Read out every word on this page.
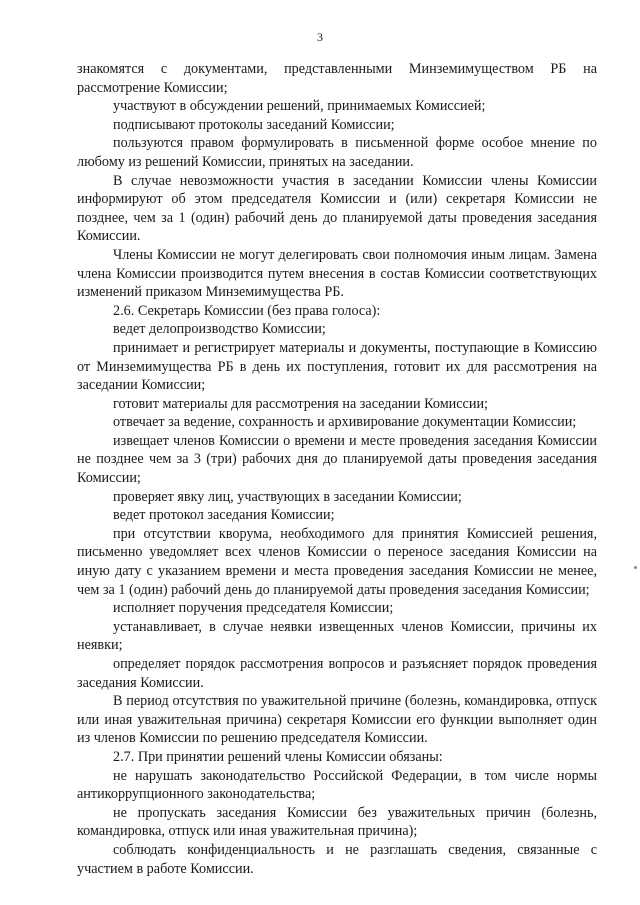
3

знакомятся с документами, представленными Минземимуществом РБ на рассмотрение Комиссии;

участвуют в обсуждении решений, принимаемых Комиссией;

подписывают протоколы заседаний Комиссии;

пользуются правом формулировать в письменной форме особое мнение по любому из решений Комиссии, принятых на заседании.

В случае невозможности участия в заседании Комиссии члены Комиссии информируют об этом председателя Комиссии и (или) секретаря Комиссии не позднее, чем за 1 (один) рабочий день до планируемой даты проведения заседания Комиссии.

Члены Комиссии не могут делегировать свои полномочия иным лицам. Замена члена Комиссии производится путем внесения в состав Комиссии соответствующих изменений приказом Минземимущества РБ.

2.6. Секретарь Комиссии (без права голоса):

ведет делопроизводство Комиссии;

принимает и регистрирует материалы и документы, поступающие в Комиссию от Минземимущества РБ в день их поступления, готовит их для рассмотрения на заседании Комиссии;

готовит материалы для рассмотрения на заседании Комиссии;

отвечает за ведение, сохранность и архивирование документации Комиссии;

извещает членов Комиссии о времени и месте проведения заседания Комиссии не позднее чем за 3 (три) рабочих дня до планируемой даты проведения заседания Комиссии;

проверяет явку лиц, участвующих в заседании Комиссии;

ведет протокол заседания Комиссии;

при отсутствии кворума, необходимого для принятия Комиссией решения, письменно уведомляет всех членов Комиссии о переносе заседания Комиссии на иную дату с указанием времени и места проведения заседания Комиссии не менее, чем за 1 (один) рабочий день до планируемой даты проведения заседания Комиссии;

исполняет поручения председателя Комиссии;

устанавливает, в случае неявки извещенных членов Комиссии, причины их неявки;

определяет порядок рассмотрения вопросов и разъясняет порядок проведения заседания Комиссии.

В период отсутствия по уважительной причине (болезнь, командировка, отпуск или иная уважительная причина) секретаря Комиссии его функции выполняет один из членов Комиссии по решению председателя Комиссии.

2.7. При принятии решений члены Комиссии обязаны:

не нарушать законодательство Российской Федерации, в том числе нормы антикоррупционного законодательства;

не пропускать заседания Комиссии без уважительных причин (болезнь, командировка, отпуск или иная уважительная причина);

соблюдать конфиденциальность и не разглашать сведения, связанные с участием в работе Комиссии.
